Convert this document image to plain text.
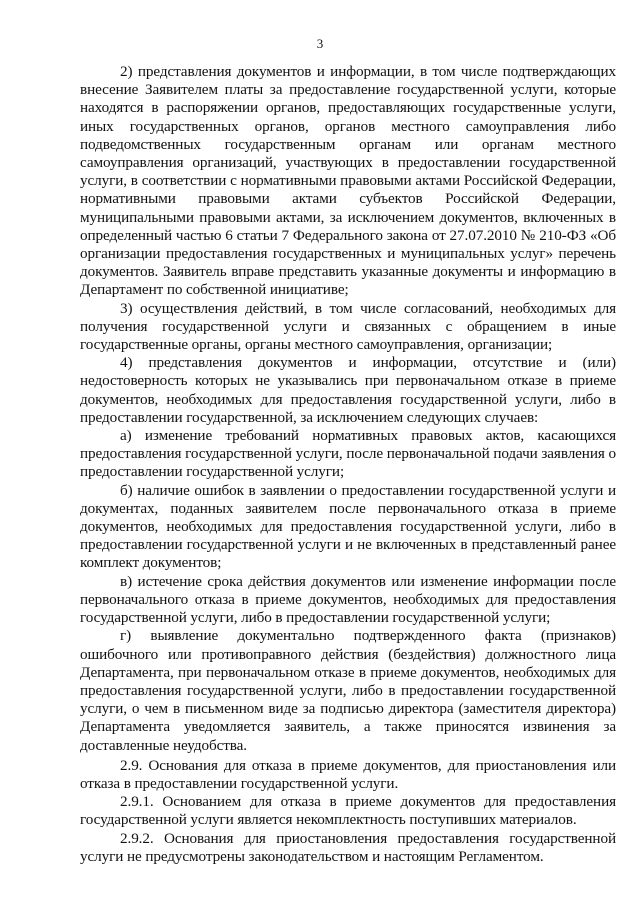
3

2) представления документов и информации, в том числе подтверждающих внесение Заявителем платы за предоставление государственной услуги, которые находятся в распоряжении органов, предоставляющих государственные услуги, иных государственных органов, органов местного самоуправления либо подведомственных государственным органам или органам местного самоуправления организаций, участвующих в предоставлении государственной услуги, в соответствии с нормативными правовыми актами Российской Федерации, нормативными правовыми актами субъектов Российской Федерации, муниципальными правовыми актами, за исключением документов, включенных в определенный частью 6 статьи 7 Федерального закона от 27.07.2010 № 210-ФЗ «Об организации предоставления государственных и муниципальных услуг» перечень документов. Заявитель вправе представить указанные документы и информацию в Департамент по собственной инициативе;

3) осуществления действий, в том числе согласований, необходимых для получения государственной услуги и связанных с обращением в иные государственные органы, органы местного самоуправления, организации;

4) представления документов и информации, отсутствие и (или) недостоверность которых не указывались при первоначальном отказе в приеме документов, необходимых для предоставления государственной услуги, либо в предоставлении государственной, за исключением следующих случаев:

а) изменение требований нормативных правовых актов, касающихся предоставления государственной услуги, после первоначальной подачи заявления о предоставлении государственной услуги;

б) наличие ошибок в заявлении о предоставлении государственной услуги и документах, поданных заявителем после первоначального отказа в приеме документов, необходимых для предоставления государственной услуги, либо в предоставлении государственной услуги и не включенных в представленный ранее комплект документов;

в) истечение срока действия документов или изменение информации после первоначального отказа в приеме документов, необходимых для предоставления государственной услуги, либо в предоставлении государственной услуги;

г) выявление документально подтвержденного факта (признаков) ошибочного или противоправного действия (бездействия) должностного лица Департамента, при первоначальном отказе в приеме документов, необходимых для предоставления государственной услуги, либо в предоставлении государственной услуги, о чем в письменном виде за подписью директора (заместителя директора) Департамента уведомляется заявитель, а также приносятся извинения за доставленные неудобства.

2.9. Основания для отказа в приеме документов, для приостановления или отказа в предоставлении государственной услуги.

2.9.1. Основанием для отказа в приеме документов для предоставления государственной услуги является некомплектность поступивших материалов.

2.9.2. Основания для приостановления предоставления государственной услуги не предусмотрены законодательством и настоящим Регламентом.
